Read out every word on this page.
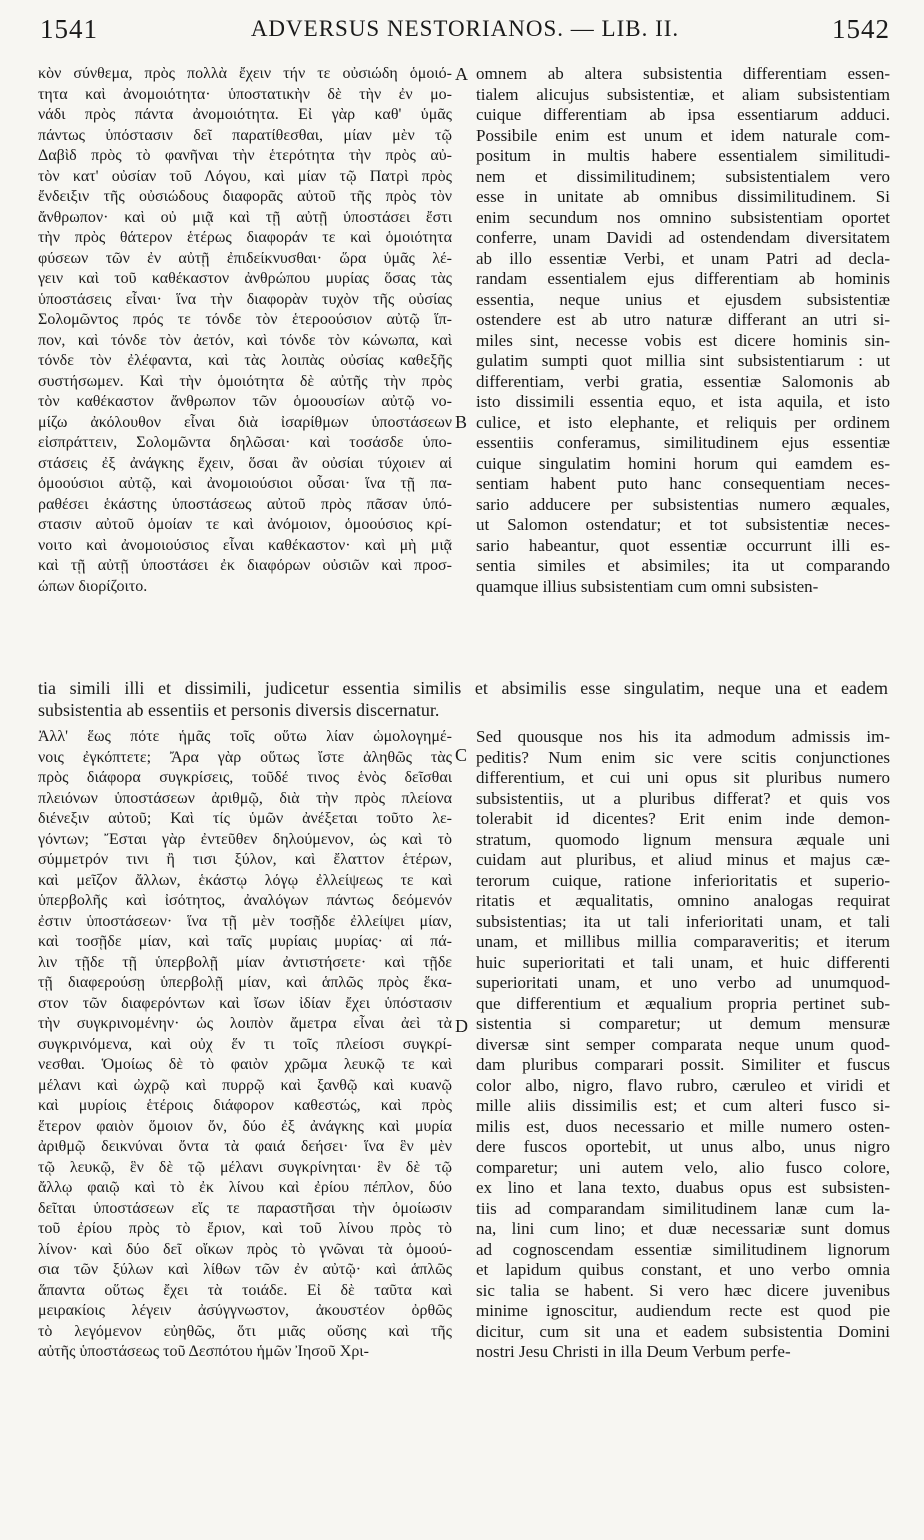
1541	ADVERSUS NESTORIANOS. — LIB. II.	1542
A
B
C
D
κὸν σύνθεμα, πρὸς πολλὰ ἔχειν τήν τε οὐσιώδη ὁμοιό-
τητα καὶ ἀνομοιότητα· ὑποστατικὴν δὲ τὴν ἐν μο-
νάδι πρὸς πάντα ἀνομοιότητα. Εἰ γὰρ καθ' ὑμᾶς
πάντως ὑπόστασιν δεῖ παρατίθεσθαι, μίαν μὲν τῷ
Δαβὶδ πρὸς τὸ φανῆναι τὴν ἑτερότητα τὴν πρὸς αὐ-
τὸν κατ' οὐσίαν τοῦ Λόγου, καὶ μίαν τῷ Πατρὶ πρὸς
ἔνδειξιν τῆς οὐσιώδους διαφορᾶς αὐτοῦ τῆς πρὸς τὸν
ἄνθρωπον· καὶ οὐ μιᾷ καὶ τῇ αὐτῇ ὑποστάσει ἔστι
τὴν πρὸς θάτερον ἑτέρως διαφοράν τε καὶ ὁμοιότητα
φύσεων τῶν ἐν αὐτῇ ἐπιδείκνυσθαι· ὥρα ὑμᾶς λέ-
γειν καὶ τοῦ καθέκαστον ἀνθρώπου μυρίας ὅσας τὰς
ὑποστάσεις εἶναι· ἵνα τὴν διαφορὰν τυχὸν τῆς οὐσίας
Σολομῶντος πρός τε τόνδε τὸν ἑτεροούσιον αὐτῷ ἵπ-
πον, καὶ τόνδε τὸν ἀετόν, καὶ τόνδε τὸν κώνωπα, καὶ
τόνδε τὸν ἐλέφαντα, καὶ τὰς λοιπὰς οὐσίας καθεξῆς
συστήσωμεν. Καὶ τὴν ὁμοιότητα δὲ αὐτῆς τὴν πρὸς
τὸν καθέκαστον ἄνθρωπον τῶν ὁμοουσίων αὐτῷ νο-
μίζω ἀκόλουθον εἶναι διὰ ἰσαρίθμων ὑποστάσεων
εἰσπράττειν, Σολομῶντα δηλῶσαι· καὶ τοσάσδε ὑπο-
στάσεις ἐξ ἀνάγκης ἔχειν, ὅσαι ἂν οὐσίαι τύχοιεν αἱ
ὁμοούσιοι αὐτῷ, καὶ ἀνομοιούσιοι οὖσαι· ἵνα τῇ πα-
ραθέσει ἑκάστης ὑποστάσεως αὐτοῦ πρὸς πᾶσαν ὑπό-
στασιν αὐτοῦ ὁμοίαν τε καὶ ἀνόμοιον, ὁμοούσιος κρί-
νοιτο καὶ ἀνομοιούσιος εἶναι καθέκαστον· καὶ μὴ μιᾷ
καὶ τῇ αὐτῇ ὑποστάσει ἐκ διαφόρων οὐσιῶν καὶ προσ-
ώπων διορίζοιτο.
omnem ab altera subsistentia differentiam essen-
tialem alicujus subsistentiæ, et aliam subsistentiam
cuique differentiam ab ipsa essentiarum adduci.
Possibile enim est unum et idem naturale com-
positum in multis habere essentialem similitudi-
nem et dissimilitudinem; subsistentialem vero
esse in unitate ab omnibus dissimilitudinem. Si
enim secundum nos omnino subsistentiam oportet
conferre, unam Davidi ad ostendendam diversitatem
ab illo essentiæ Verbi, et unam Patri ad decla-
randam essentialem ejus differentiam ab hominis
essentia, neque unius et ejusdem subsistentiæ
ostendere est ab utro naturæ differant an utri si-
miles sint, necesse vobis est dicere hominis sin-
gulatim sumpti quot millia sint subsistentiarum : ut
differentiam, verbi gratia, essentiæ Salomonis ab
isto dissimili essentia equo, et ista aquila, et isto
culice, et isto elephante, et reliquis per ordinem
essentiis conferamus, similitudinem ejus essentiæ
cuique singulatim homini horum qui eamdem es-
sentiam habent puto hanc consequentiam neces-
sario adducere per subsistentias numero æquales,
ut Salomon ostendatur; et tot subsistentiæ neces-
sario habeantur, quot essentiæ occurrunt illi es-
sentia similes et absimiles; ita ut comparando
quamque illius subsistentiam cum omni subsisten-
tia simili illi et dissimili, judicetur essentia similis et absimilis esse singulatim, neque una et eadem
subsistentia ab essentiis et personis diversis discernatur.
Ἀλλ' ἕως πότε ἡμᾶς τοῖς οὕτω λίαν ὡμολογημέ-
νοις ἐγκόπτετε; Ἄρα γὰρ οὕτως ἴστε ἀληθῶς τὰς
πρὸς διάφορα συγκρίσεις, τοῦδέ τινος ἑνὸς δεῖσθαι
πλειόνων ὑποστάσεων ἀριθμῷ, διὰ τὴν πρὸς πλείονα
διένεξιν αὐτοῦ; Καὶ τίς ὑμῶν ἀνέξεται τοῦτο λε-
γόντων; Ἔσται γὰρ ἐντεῦθεν δηλούμενον, ὡς καὶ τὸ
σύμμετρόν τινι ἢ τισι ξύλον, καὶ ἔλαττον ἑτέρων,
καὶ μεῖζον ἄλλων, ἑκάστῳ λόγῳ ἐλλείψεως τε καὶ
ὑπερβολῆς καὶ ἰσότητος, ἀναλόγων πάντως δεόμενόν
ἐστιν ὑποστάσεων· ἵνα τῇ μὲν τοσῇδε ἐλλείψει μίαν,
καὶ τοσῇδε μίαν, καὶ ταῖς μυρίαις μυρίας· αἱ πά-
λιν τῇδε τῇ ὑπερβολῇ μίαν ἀντιστήσετε· καὶ τῇδε
τῇ διαφερούσῃ ὑπερβολῇ μίαν, καὶ ἁπλῶς πρὸς ἕκα-
στον τῶν διαφερόντων καὶ ἴσων ἰδίαν ἔχει ὑπόστασιν
τὴν συγκρινομένην· ὡς λοιπὸν ἄμετρα εἶναι ἀεὶ τὰ
συγκρινόμενα, καὶ οὐχ ἕν τι τοῖς πλείοσι συγκρί-
νεσθαι. Ὁμοίως δὲ τὸ φαιὸν χρῶμα λευκῷ τε καὶ
μέλανι καὶ ὠχρῷ καὶ πυρρῷ καὶ ξανθῷ καὶ κυανῷ
καὶ μυρίοις ἑτέροις διάφορον καθεστώς, καὶ πρὸς
ἕτερον φαιὸν ὅμοιον ὄν, δύο ἐξ ἀνάγκης καὶ μυρία
ἀριθμῷ δεικνύναι ὄντα τὰ φαιά δεήσει· ἵνα ἓν μὲν
τῷ λευκῷ, ἓν δὲ τῷ μέλανι συγκρίνηται· ἓν δὲ τῷ
ἄλλῳ φαιῷ καὶ τὸ ἐκ λίνου καὶ ἐρίου πέπλον, δύο
δεῖται ὑποστάσεων εἴς τε παραστῆσαι τὴν ὁμοίωσιν
τοῦ ἐρίου πρὸς τὸ ἔριον, καὶ τοῦ λίνου πρὸς τὸ
λίνον· καὶ δύο δεῖ οἴκων πρὸς τὸ γνῶναι τὰ ὁμοού-
σια τῶν ξύλων καὶ λίθων τῶν ἐν αὐτῷ· καὶ ἁπλῶς
ἅπαντα οὕτως ἔχει τὰ τοιάδε. Εἰ δὲ ταῦτα καὶ
μειρακίοις λέγειν ἀσύγγνωστον, ἀκουστέον ὀρθῶς
τὸ λεγόμενον εὐηθῶς, ὅτι μιᾶς οὔσης καὶ τῆς
αὐτῆς ὑποστάσεως τοῦ Δεσπότου ἡμῶν Ἰησοῦ Χρι-
Sed quousque nos his ita admodum admissis im-
peditis? Num enim sic vere scitis conjunctiones
differentium, et cui uni opus sit pluribus numero
subsistentiis, ut a pluribus differat? et quis vos
tolerabit id dicentes? Erit enim inde demon-
stratum, quomodo lignum mensura æquale uni
cuidam aut pluribus, et aliud minus et majus cæ-
terorum cuique, ratione inferioritatis et superio-
ritatis et æqualitatis, omnino analogas requirat
subsistentias; ita ut tali inferioritati unam, et tali
unam, et millibus millia comparaveritis; et iterum
huic superioritati et tali unam, et huic differenti
superioritati unam, et uno verbo ad unumquod-
que differentium et æqualium propria pertinet sub-
sistentia si comparetur; ut demum mensuræ
diversæ sint semper comparata neque unum quod-
dam pluribus comparari possit. Similiter et fuscus
color albo, nigro, flavo rubro, cæruleo et viridi et
mille aliis dissimilis est; et cum alteri fusco si-
milis est, duos necessario et mille numero osten-
dere fuscos oportebit, ut unus albo, unus nigro
comparetur; uni autem velo, alio fusco colore,
ex lino et lana texto, duabus opus est subsisten-
tiis ad comparandam similitudinem lanæ cum la-
na, lini cum lino; et duæ necessariæ sunt domus
ad cognoscendam essentiæ similitudinem lignorum
et lapidum quibus constant, et uno verbo omnia
sic talia se habent. Si vero hæc dicere juvenibus
minime ignoscitur, audiendum recte est quod pie
dicitur, cum sit una et eadem subsistentia Domini
nostri Jesu Christi in illa Deum Verbum perfe-
